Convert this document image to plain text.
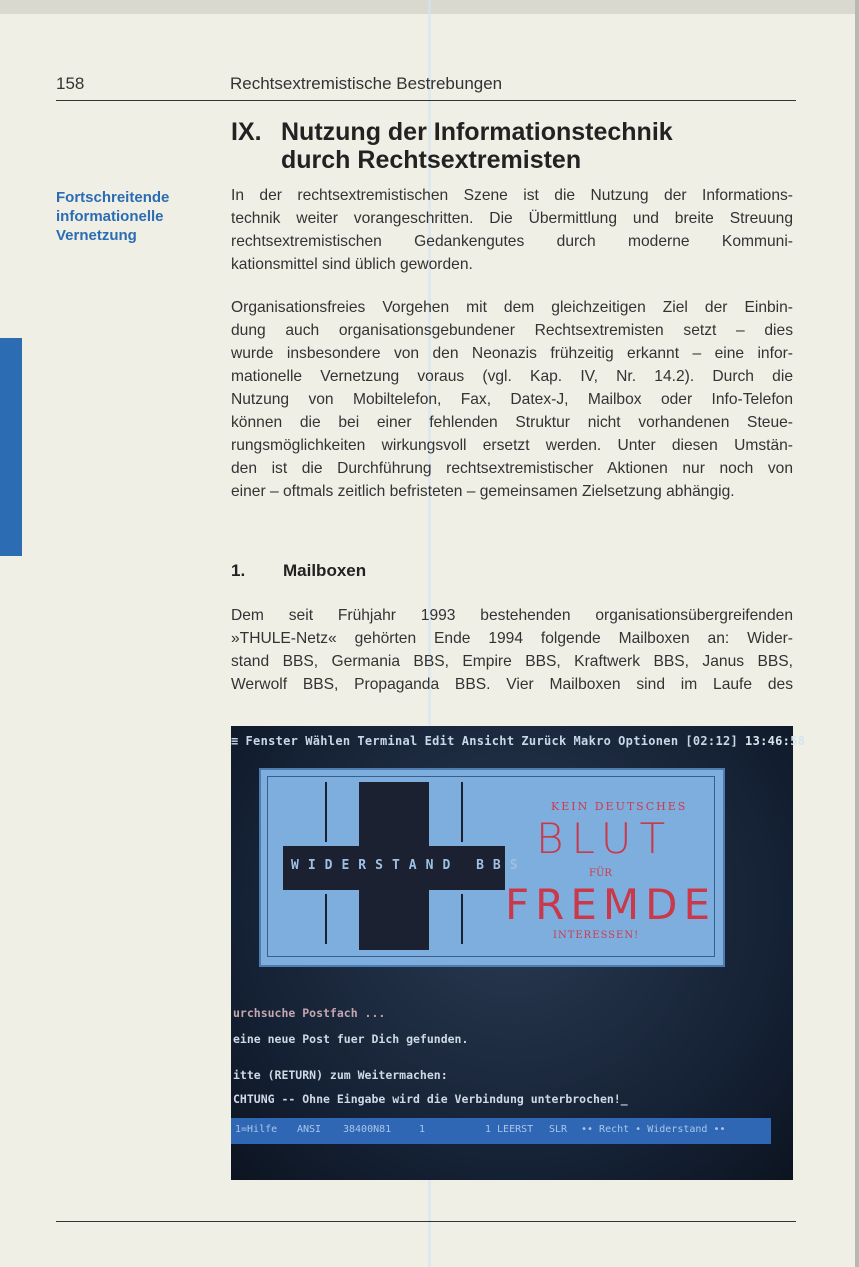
158	Rechtsextremistische Bestrebungen
IX. Nutzung der Informationstechnik
durch Rechtsextremisten
Fortschreitende
informationelle
Vernetzung
In der rechtsextremistischen Szene ist die Nutzung der Informations-
technik weiter vorangeschritten. Die Übermittlung und breite Streuung
rechtsextremistischen Gedankengutes durch moderne Kommuni-
kationsmittel sind üblich geworden.
Organisationsfreies Vorgehen mit dem gleichzeitigen Ziel der Einbin-
dung auch organisationsgebundener Rechtsextremisten setzt – dies
wurde insbesondere von den Neonazis frühzeitig erkannt – eine infor-
mationelle Vernetzung voraus (vgl. Kap. IV, Nr. 14.2). Durch die
Nutzung von Mobiltelefon, Fax, Datex-J, Mailbox oder Info-Telefon
können die bei einer fehlenden Struktur nicht vorhandenen Steue-
rungsmöglichkeiten wirkungsvoll ersetzt werden. Unter diesen Umstän-
den ist die Durchführung rechtsextremistischer Aktionen nur noch von
einer – oftmals zeitlich befristeten – gemeinsamen Zielsetzung abhängig.
1. Mailboxen
Dem seit Frühjahr 1993 bestehenden organisationsübergreifenden
»THULE-Netz« gehörten Ende 1994 folgende Mailboxen an: Wider-
stand BBS, Germania BBS, Empire BBS, Kraftwerk BBS, Janus BBS,
Werwolf BBS, Propaganda BBS. Vier Mailboxen sind im Laufe des
≡ Fenster Wählen Terminal Edit Ansicht Zurück Makro Optionen [02:12] 13:46:58
WIDERSTAND BBS
KEIN DEUTSCHES
BLUT
FÜR
FREMDE
INTERESSEN!
urchsuche Postfach ...
eine neue Post fuer Dich gefunden.
itte (RETURN) zum Weitermachen:
CHTUNG -- Ohne Eingabe wird die Verbindung unterbrochen!_
1=Hilfe ANSI 38400N81	1	1 LEERST SLR •• Recht • Widerstand ••
